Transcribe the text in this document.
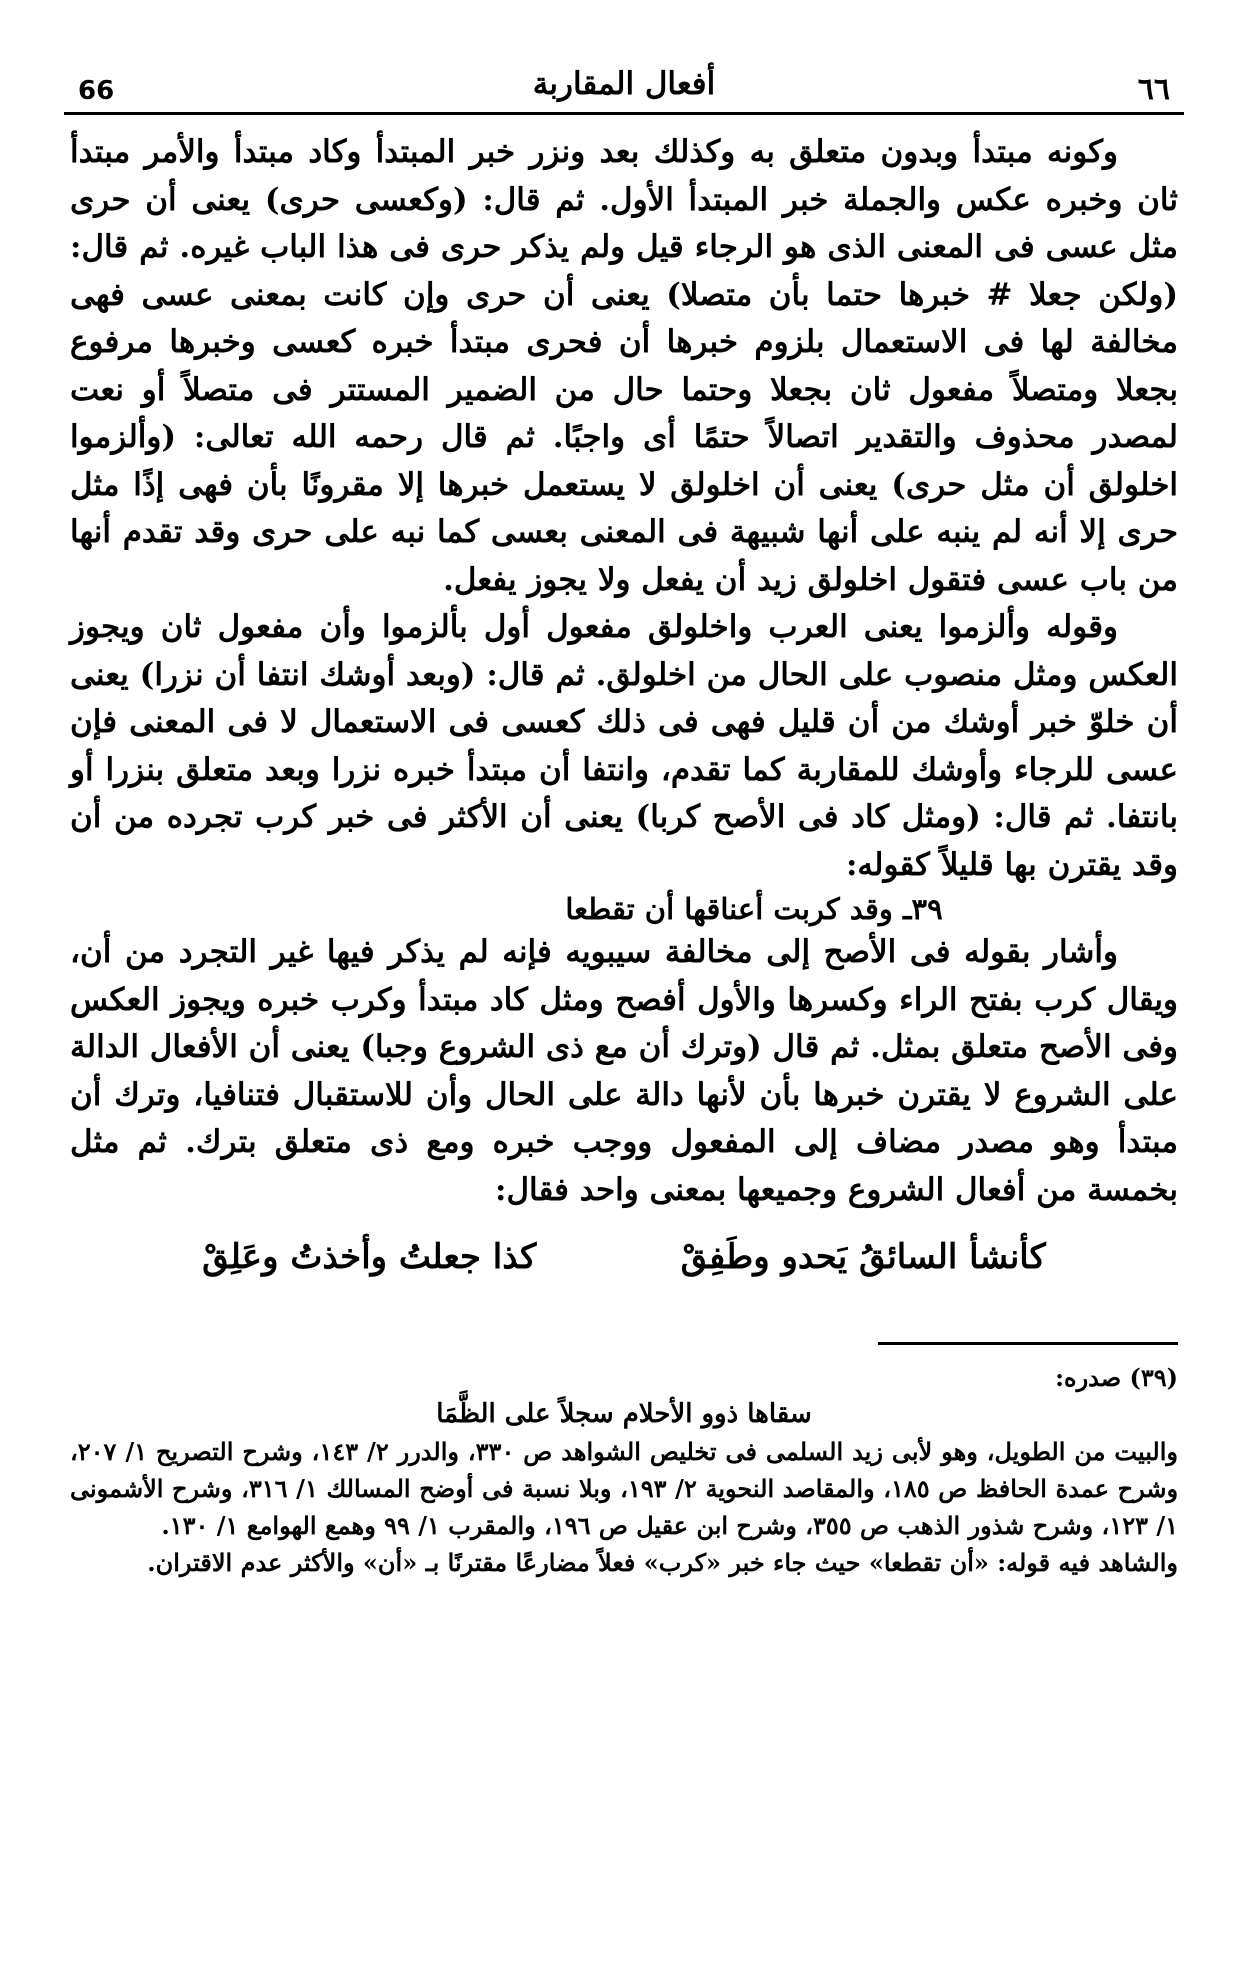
٦٦
أفعال المقاربة
66

وكونه مبتدأ وبدون متعلق به وكذلك بعد ونزر خبر المبتدأ وكاد مبتدأ والأمر مبتدأ ثان وخبره عكس والجملة خبر المبتدأ الأول. ثم قال: (وكعسى حرى) يعنى أن حرى مثل عسى فى المعنى الذى هو الرجاء قيل ولم يذكر حرى فى هذا الباب غيره. ثم قال: (ولكن جعلا # خبرها حتما بأن متصلا) يعنى أن حرى وإن كانت بمعنى عسى فهى مخالفة لها فى الاستعمال بلزوم خبرها أن فحرى مبتدأ خبره كعسى وخبرها مرفوع بجعلا ومتصلاً مفعول ثان بجعلا وحتما حال من الضمير المستتر فى متصلاً أو نعت لمصدر محذوف والتقدير اتصالاً حتمًا أى واجبًا. ثم قال رحمه الله تعالى: (وألزموا اخلولق أن مثل حرى) يعنى أن اخلولق لا يستعمل خبرها إلا مقرونًا بأن فهى إذًا مثل حرى إلا أنه لم ينبه على أنها شبيهة فى المعنى بعسى كما نبه على حرى وقد تقدم أنها من باب عسى فتقول اخلولق زيد أن يفعل ولا يجوز يفعل.

وقوله وألزموا يعنى العرب واخلولق مفعول أول بألزموا وأن مفعول ثان ويجوز العكس ومثل منصوب على الحال من اخلولق. ثم قال: (وبعد أوشك انتفا أن نزرا) يعنى أن خلوّ خبر أوشك من أن قليل فهى فى ذلك كعسى فى الاستعمال لا فى المعنى فإن عسى للرجاء وأوشك للمقاربة كما تقدم، وانتفا أن مبتدأ خبره نزرا وبعد متعلق بنزرا أو بانتفا. ثم قال: (ومثل كاد فى الأصح كربا) يعنى أن الأكثر فى خبر كرب تجرده من أن وقد يقترن بها قليلاً كقوله:

٣٩ـ وقد كربت أعناقها أن تقطعا

وأشار بقوله فى الأصح إلى مخالفة سيبويه فإنه لم يذكر فيها غير التجرد من أن، ويقال كرب بفتح الراء وكسرها والأول أفصح ومثل كاد مبتدأ وكرب خبره ويجوز العكس وفى الأصح متعلق بمثل. ثم قال (وترك أن مع ذى الشروع وجبا) يعنى أن الأفعال الدالة على الشروع لا يقترن خبرها بأن لأنها دالة على الحال وأن للاستقبال فتنافيا، وترك أن مبتدأ وهو مصدر مضاف إلى المفعول ووجب خبره ومع ذى متعلق بترك. ثم مثل بخمسة من أفعال الشروع وجميعها بمعنى واحد فقال:

كأنشأ السائقُ يَحدو وطَفِقْ
كذا جعلتُ وأخذتُ وعَلِقْ

(٣٩) صدره:

سقاها ذوو الأحلام سجلاً على الظَّمَا

والبيت من الطويل، وهو لأبى زيد السلمى فى تخليص الشواهد ص ٣٣٠، والدرر ٢/ ١٤٣، وشرح التصريح ١/ ٢٠٧، وشرح عمدة الحافظ ص ١٨٥، والمقاصد النحوية ٢/ ١٩٣، وبلا نسبة فى أوضح المسالك ١/ ٣١٦، وشرح الأشمونى ١/ ١٢٣، وشرح شذور الذهب ص ٣٥٥، وشرح ابن عقيل ص ١٩٦، والمقرب ١/ ٩٩ وهمع الهوامع ١/ ١٣٠.

والشاهد فيه قوله: «أن تقطعا» حيث جاء خبر «كرب» فعلاً مضارعًا مقترنًا بـ «أن» والأكثر عدم الاقتران.
